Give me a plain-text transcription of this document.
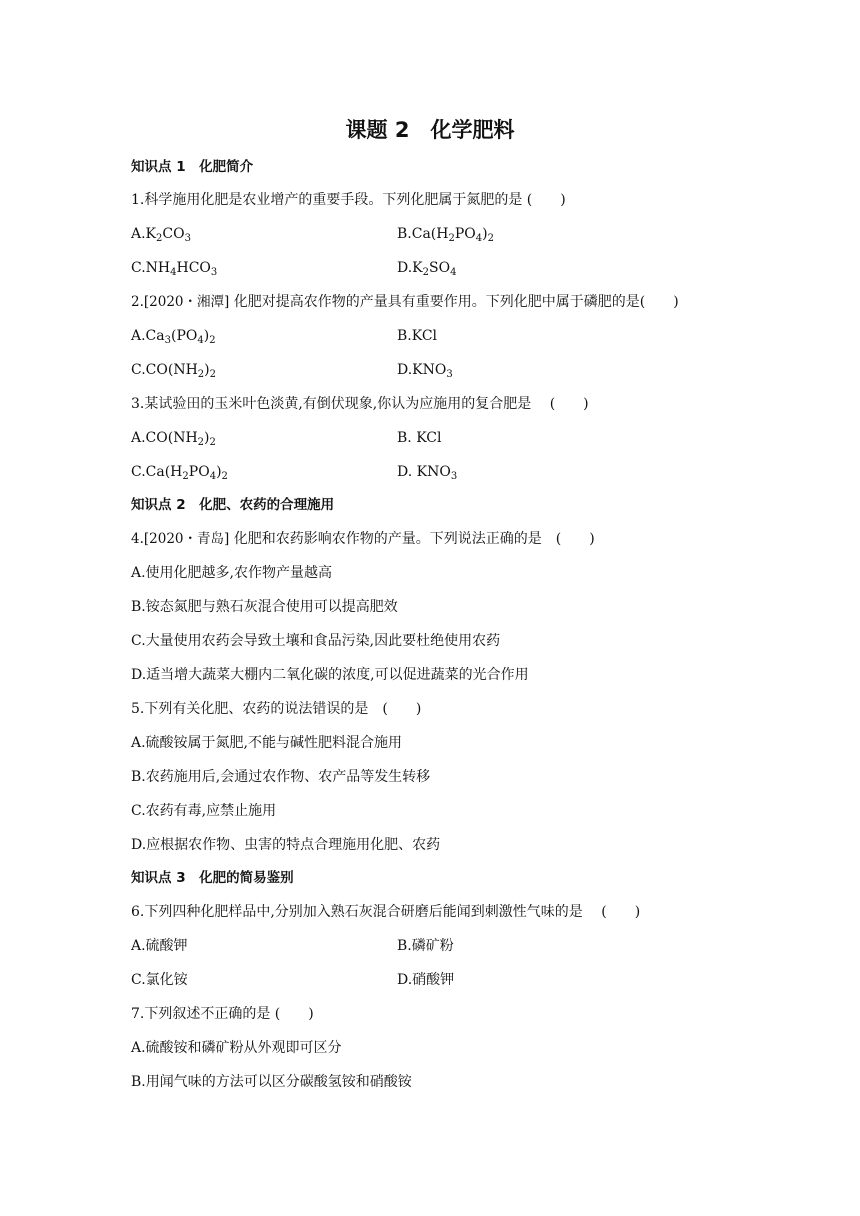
课题 2　化学肥料
知识点 1　化肥简介
1.科学施用化肥是农业增产的重要手段。下列化肥属于氮肥的是 (　　)
$A.K_2CO_3$	$B.Ca(H_2PO_4)_2$
$C.NH_4HCO_3$	$D.K_2SO_4$
2.[2020・湘潭] 化肥对提高农作物的产量具有重要作用。下列化肥中属于磷肥的是(　　)
$A.Ca_3(PO_4)_2$	B.KCl
$C.CO(NH_2)_2$	$D.KNO_3$
3.某试验田的玉米叶色淡黄,有倒伏现象,你认为应施用的复合肥是　 (　　)
$A.CO(NH_2)_2$	B. KCl
$C.Ca(H_2PO_4)_2$	D. $KNO_3$
知识点 2　化肥、农药的合理施用
4.[2020・青岛] 化肥和农药影响农作物的产量。下列说法正确的是　(　　)
A.使用化肥越多,农作物产量越高
B.铵态氮肥与熟石灰混合使用可以提高肥效
C.大量使用农药会导致土壤和食品污染,因此要杜绝使用农药
D.适当增大蔬菜大棚内二氧化碳的浓度,可以促进蔬菜的光合作用
5.下列有关化肥、农药的说法错误的是　(　　)
A.硫酸铵属于氮肥,不能与碱性肥料混合施用
B.农药施用后,会通过农作物、农产品等发生转移
C.农药有毒,应禁止施用
D.应根据农作物、虫害的特点合理施用化肥、农药
知识点 3　化肥的简易鉴别
6.下列四种化肥样品中,分别加入熟石灰混合研磨后能闻到刺激性气味的是　 (　　)
A.硫酸钾	B.磷矿粉
C.氯化铵	D.硝酸钾
7.下列叙述不正确的是 (　　)
A.硫酸铵和磷矿粉从外观即可区分
B.用闻气味的方法可以区分碳酸氢铵和硝酸铵
